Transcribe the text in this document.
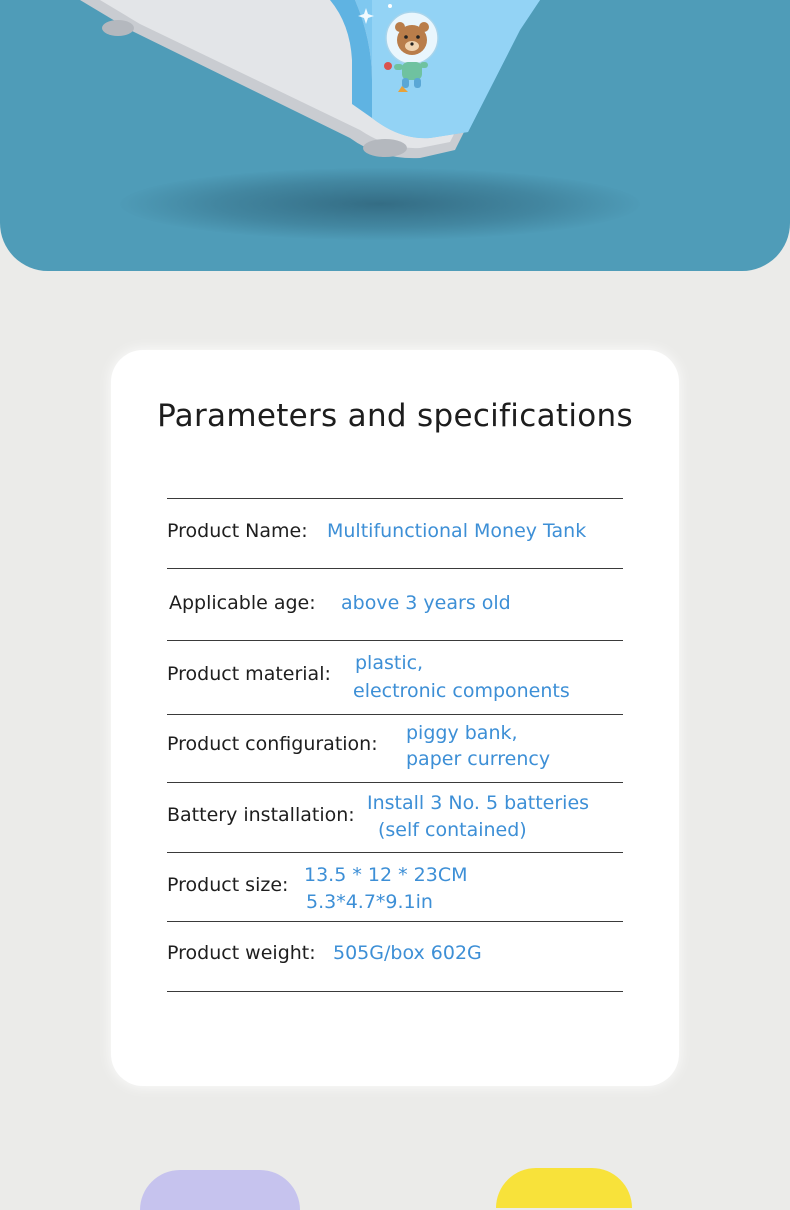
Parameters and specifications

Product Name: Multifunctional Money Tank

Applicable age: above 3 years old

Product material: plastic,

electronic components

Product configuration: piggy bank,

paper currency

Battery installation:

Install 3 No. 5 batteries

(self contained)

Product size: 13.5 * 12 * 23CM

5.3*4.7*9.1in

Product weight: 505G/box 602G
